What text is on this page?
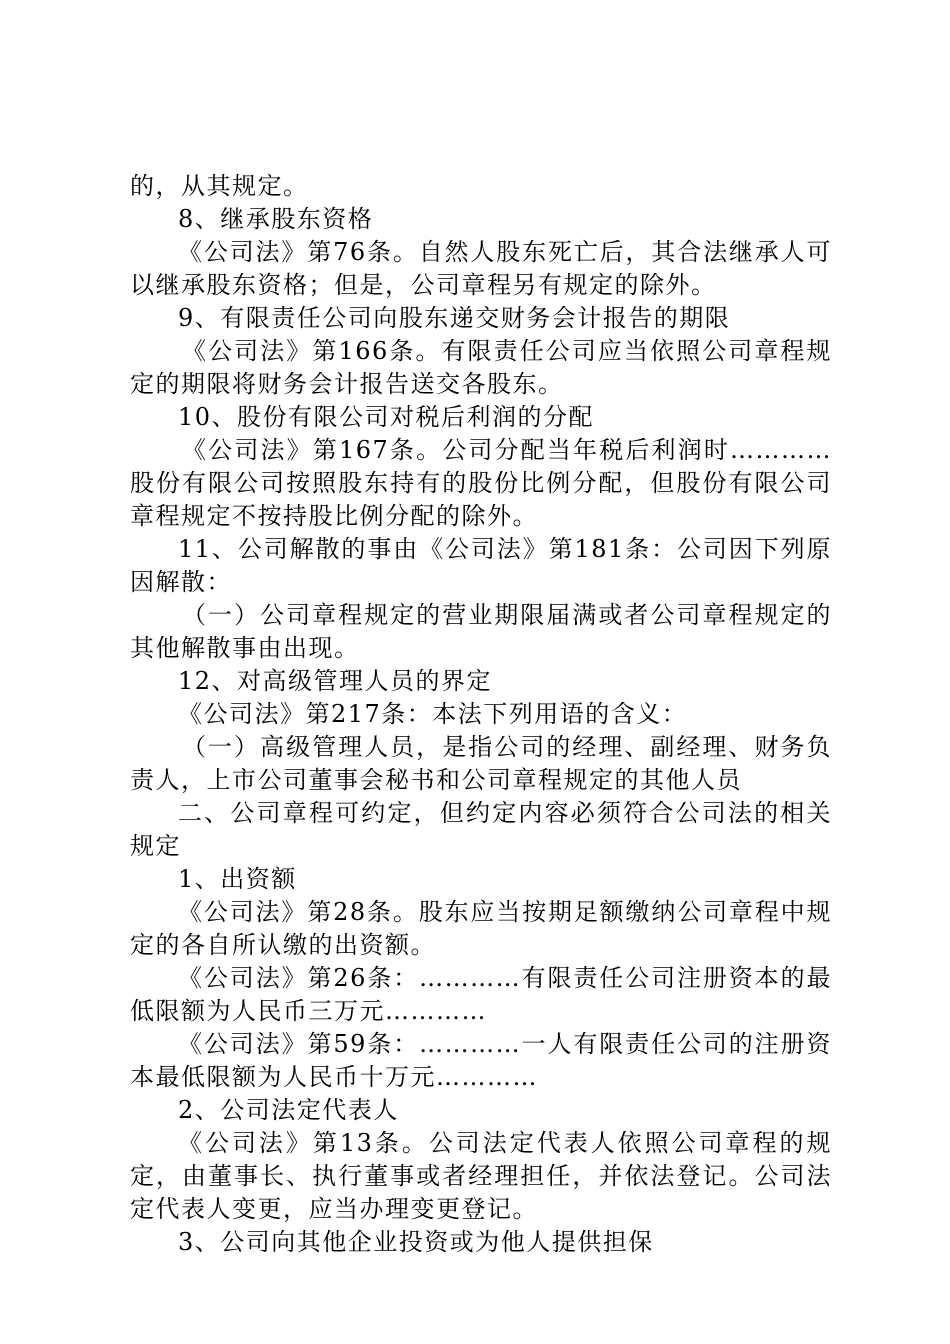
的，从其规定。

8、继承股东资格

《公司法》第76条。自然人股东死亡后，其合法继承人可以继承股东资格；但是，公司章程另有规定的除外。

9、有限责任公司向股东递交财务会计报告的期限

《公司法》第166条。有限责任公司应当依照公司章程规定的期限将财务会计报告送交各股东。

10、股份有限公司对税后利润的分配

《公司法》第167条。公司分配当年税后利润时…………股份有限公司按照股东持有的股份比例分配，但股份有限公司章程规定不按持股比例分配的除外。

11、公司解散的事由《公司法》第181条：公司因下列原因解散：

（一）公司章程规定的营业期限届满或者公司章程规定的其他解散事由出现。

12、对高级管理人员的界定

《公司法》第217条：本法下列用语的含义：

（一）高级管理人员，是指公司的经理、副经理、财务负责人，上市公司董事会秘书和公司章程规定的其他人员

二、公司章程可约定，但约定内容必须符合公司法的相关规定

1、出资额

《公司法》第28条。股东应当按期足额缴纳公司章程中规定的各自所认缴的出资额。

《公司法》第26条：…………有限责任公司注册资本的最低限额为人民币三万元…………

《公司法》第59条：…………一人有限责任公司的注册资本最低限额为人民币十万元…………

2、公司法定代表人

《公司法》第13条。公司法定代表人依照公司章程的规定，由董事长、执行董事或者经理担任，并依法登记。公司法定代表人变更，应当办理变更登记。

3、公司向其他企业投资或为他人提供担保
